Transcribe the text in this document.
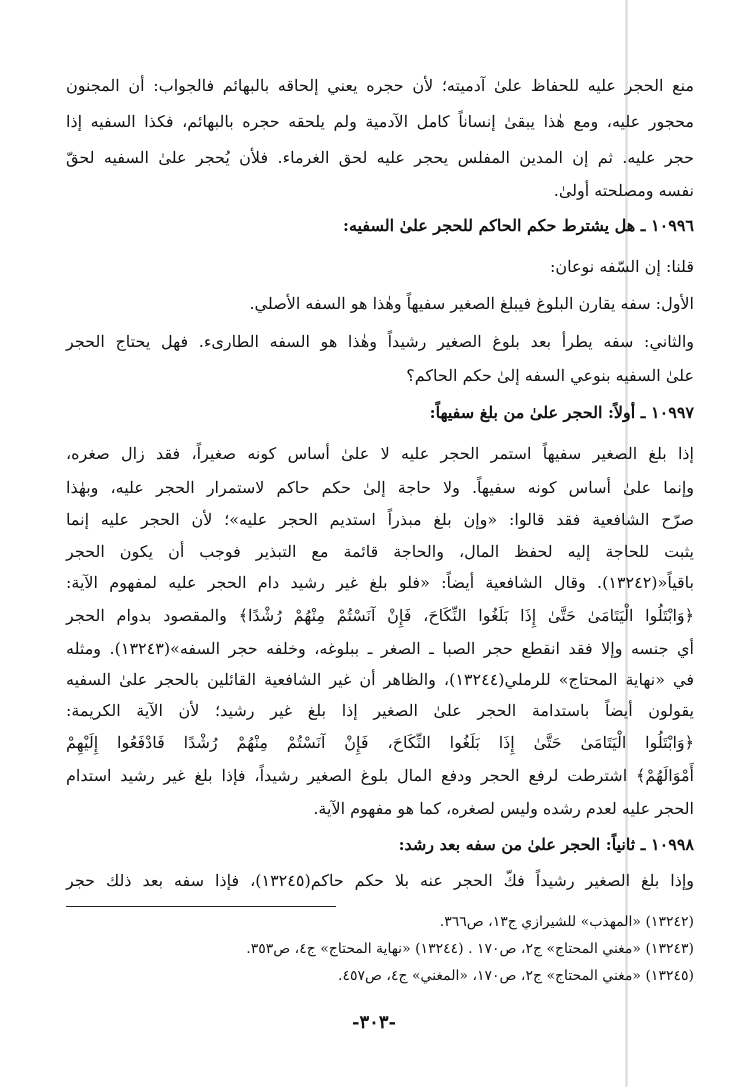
منع الحجر عليه للحفاظ علىٰ آدميته؛ لأن حجره يعني إلحاقه بالبهائم فالجواب: أن المجنون
محجور عليه، ومع هٰذا يبقىٰ إنساناً كامل الآدمية ولم يلحقه حجره بالبهائم، فكذا السفيه إذا
حجر عليه. ثم إن المدين المفلس يحجر عليه لحق الغرماء. فلأن يُحجر علىٰ السفيه لحقّ
نفسه ومصلحته أولىٰ.
١٠٩٩٦ ـ هل يشترط حكم الحاكم للحجر علىٰ السفيه:
قلنا: إن السّفه نوعان:
الأول: سفه يقارن البلوغ فيبلغ الصغير سفيهاً وهٰذا هو السفه الأصلي.
والثاني: سفه يطرأ بعد بلوغ الصغير رشيداً وهٰذا هو السفه الطارىء. فهل يحتاج الحجر
علىٰ السفيه بنوعي السفه إلىٰ حكم الحاكم؟
١٠٩٩٧ ـ أولاً: الحجر علىٰ من بلغ سفيهاً:
إذا بلغ الصغير سفيهاً استمر الحجر عليه لا علىٰ أساس كونه صغيراً، فقد زال صغره،
وإنما علىٰ أساس كونه سفيهاً. ولا حاجة إلىٰ حكم حاكم لاستمرار الحجر عليه، وبهٰذا
صرّح الشافعية فقد قالوا: «وإن بلغ مبذراً استديم الحجر عليه»؛ لأن الحجر عليه إنما
يثبت للحاجة إليه لحفظ المال، والحاجة قائمة مع التبذير فوجب أن يكون الحجر
باقياً«(١٣٢٤٢). وقال الشافعية أيضاً: «فلو بلغ غير رشيد دام الحجر عليه لمفهوم الآية:
﴿وَابْتَلُوا الْيَتَامَىٰ حَتَّىٰ إِذَا بَلَغُوا النِّكَاحَ، فَإِنْ آنَسْتُمْ مِنْهُمْ رُشْدًا﴾ والمقصود بدوام الحجر
أي جنسه وإلا فقد انقطع حجر الصبا ـ الصغر ـ ببلوغه، وخلفه حجر السفه»(١٣٢٤٣). ومثله
في «نهاية المحتاج» للرملي(١٣٢٤٤)، والظاهر أن غير الشافعية القائلين بالحجر علىٰ السفيه
يقولون أيضاً باستدامة الحجر علىٰ الصغير إذا بلغ غير رشيد؛ لأن الآية الكريمة:
﴿وَابْتَلُوا الْيَتَامَىٰ حَتَّىٰ إِذَا بَلَغُوا النِّكَاحَ، فَإِنْ آنَسْتُمْ مِنْهُمْ رُشْدًا فَادْفَعُوا إِلَيْهِمْ
أَمْوَالَهُمْ﴾ اشترطت لرفع الحجر ودفع المال بلوغ الصغير رشيداً، فإذا بلغ غير رشيد استدام
الحجر عليه لعدم رشده وليس لصغره، كما هو مفهوم الآية.
١٠٩٩٨ ـ ثانياً: الحجر علىٰ من سفه بعد رشد:
وإذا بلغ الصغير رشيداً فكّ الحجر عنه بلا حكم حاكم(١٣٢٤٥)، فإذا سفه بعد ذلك حجر
(١٣٢٤٢) «المهذب» للشيرازي ج١٣، ص٣٦٦.
(١٣٢٤٣) «مغني المحتاج» ج٢، ص١٧٠ . (١٣٢٤٤) «نهاية المحتاج» ج٤، ص٣٥٣.
(١٣٢٤٥) «مغني المحتاج» ج٢، ص١٧٠، «المغني» ج٤، ص٤٥٧.
-٣٠٣-
